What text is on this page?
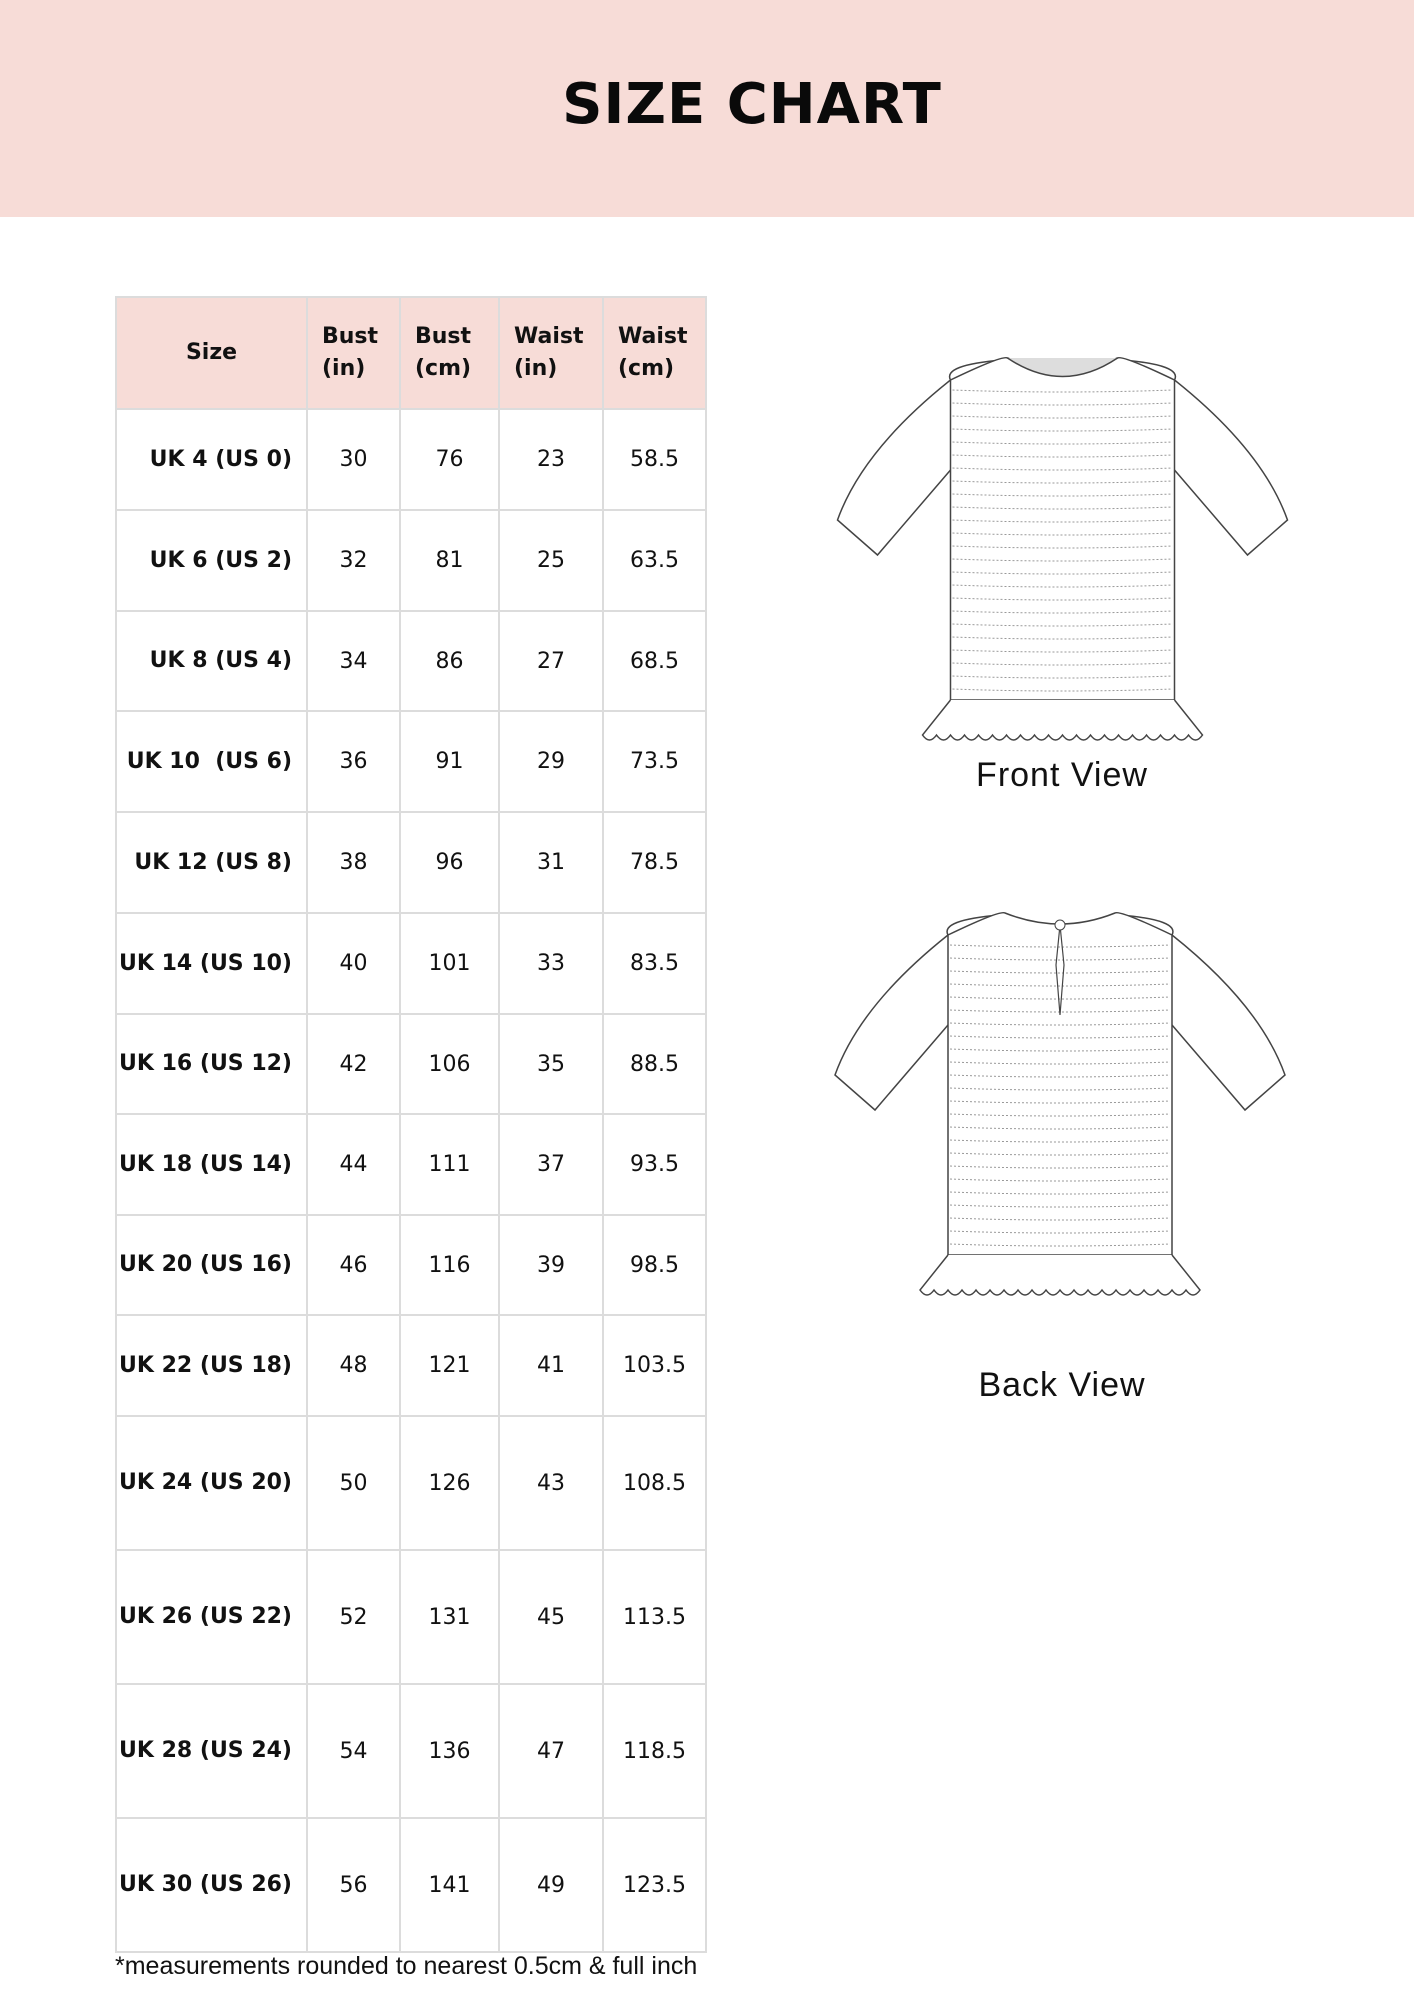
SIZE CHART
Size	Bust (in)	Bust (cm)	Waist (in)	Waist (cm)
UK 4 (US 0)	30	76	23	58.5
UK 6 (US 2)	32	81	25	63.5
UK 8 (US 4)	34	86	27	68.5
UK 10  (US 6)	36	91	29	73.5
UK 12 (US 8)	38	96	31	78.5
UK 14 (US 10)	40	101	33	83.5
UK 16 (US 12)	42	106	35	88.5
UK 18 (US 14)	44	111	37	93.5
UK 20 (US 16)	46	116	39	98.5
UK 22 (US 18)	48	121	41	103.5
UK 24 (US 20)	50	126	43	108.5
UK 26 (US 22)	52	131	45	113.5
UK 28 (US 24)	54	136	47	118.5
UK 30 (US 26)	56	141	49	123.5
*measurements rounded to nearest 0.5cm & full inch
Front View
Back View
